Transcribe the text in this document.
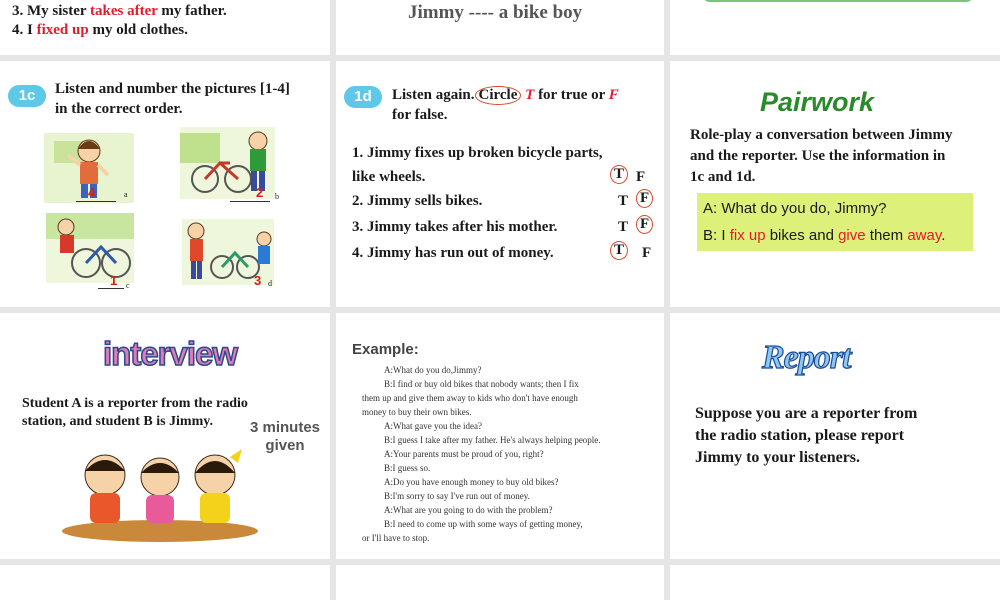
3. My sister takes after my father.
4. I fixed up my old clothes.
Jimmy ---- a bike boy
1c	Listen and number the pictures [1-4]
in the correct order.
4	a	2 b
1 c	3 d
1d	Listen again. Circle T for true or F
for false.
1. Jimmy fixes up broken bicycle parts,
like wheels.	T F
2. Jimmy sells bikes.	T F
3. Jimmy takes after his mother.	T F
4. Jimmy has run out of money.	T F
Pairwork
Role-play a conversation between Jimmy
and the reporter. Use the information in
1c and 1d.
A: What do you do, Jimmy?
B: I fix up bikes and give them away.
interview
Student A is a reporter from the radio
station, and student B is Jimmy.	3 minutes
given
Example:
A:What do you do,Jimmy?
B:I find or buy old bikes that nobody wants; then I fix
them up and give them away to kids who don't have enough
money to buy their own bikes.
A:What gave you the idea?
B:I guess I take after my father. He's always helping people.
A:Your parents must be proud of you, right?
B:I guess so.
A:Do you have enough money to buy old bikes?
B:I'm sorry to say I've run out of money.
A:What are you going to do with the problem?
B:I need to come up with some ways of getting money,
or I'll have to stop.
Report
Suppose you are a reporter from
the radio station, please report
Jimmy to your listeners.
